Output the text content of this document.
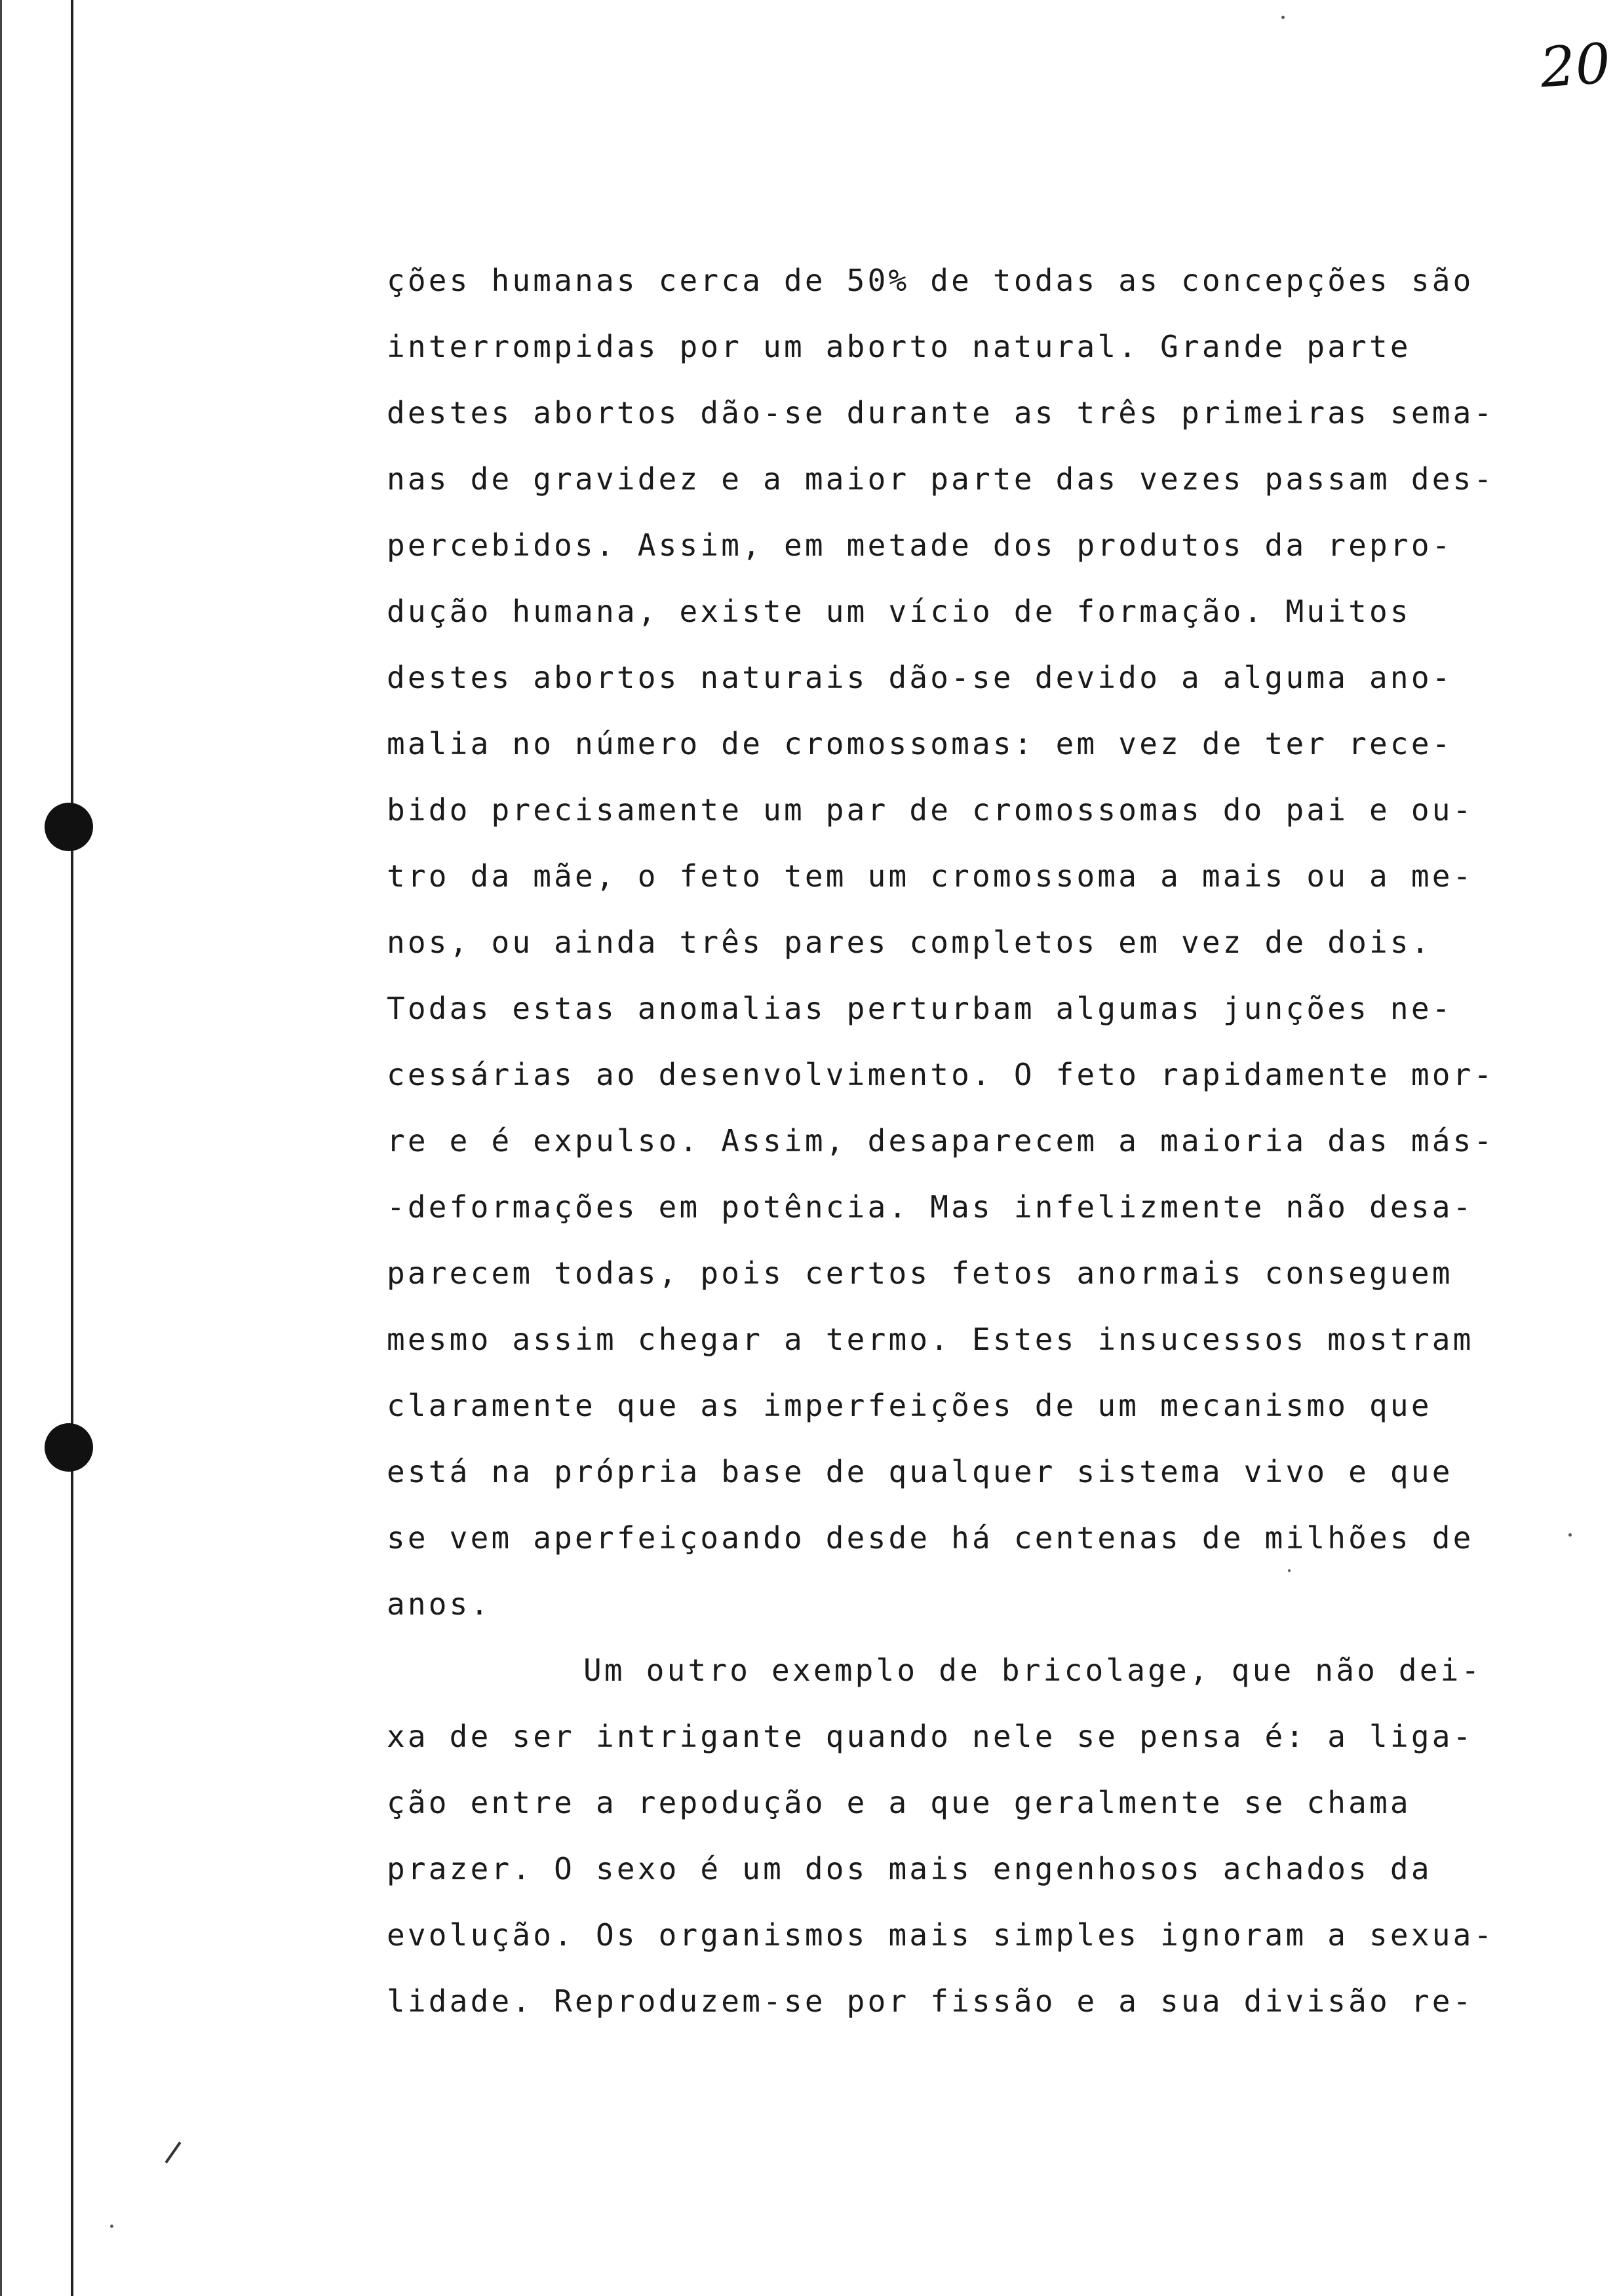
20
ções humanas cerca de 50% de todas as concepções são
interrompidas por um aborto natural. Grande parte
destes abortos dão-se durante as três primeiras sema-
nas de gravidez e a maior parte das vezes passam des-
percebidos. Assim, em metade dos produtos da repro-
dução humana, existe um vício de formação. Muitos
destes abortos naturais dão-se devido a alguma ano-
malia no número de cromossomas: em vez de ter rece-
bido precisamente um par de cromossomas do pai e ou-
tro da mãe, o feto tem um cromossoma a mais ou a me-
nos, ou ainda três pares completos em vez de dois.
Todas estas anomalias perturbam algumas junções ne-
cessárias ao desenvolvimento. O feto rapidamente mor-
re e é expulso. Assim, desaparecem a maioria das más-
-deformações em potência. Mas infelizmente não desa-
parecem todas, pois certos fetos anormais conseguem
mesmo assim chegar a termo. Estes insucessos mostram
claramente que as imperfeições de um mecanismo que
está na própria base de qualquer sistema vivo e que
se vem aperfeiçoando desde há centenas de milhões de
anos.
Um outro exemplo de bricolage, que não dei-
xa de ser intrigante quando nele se pensa é: a liga-
ção entre a repodução e a que geralmente se chama
prazer. O sexo é um dos mais engenhosos achados da
evolução. Os organismos mais simples ignoram a sexua-
lidade. Reproduzem-se por fissão e a sua divisão re-
